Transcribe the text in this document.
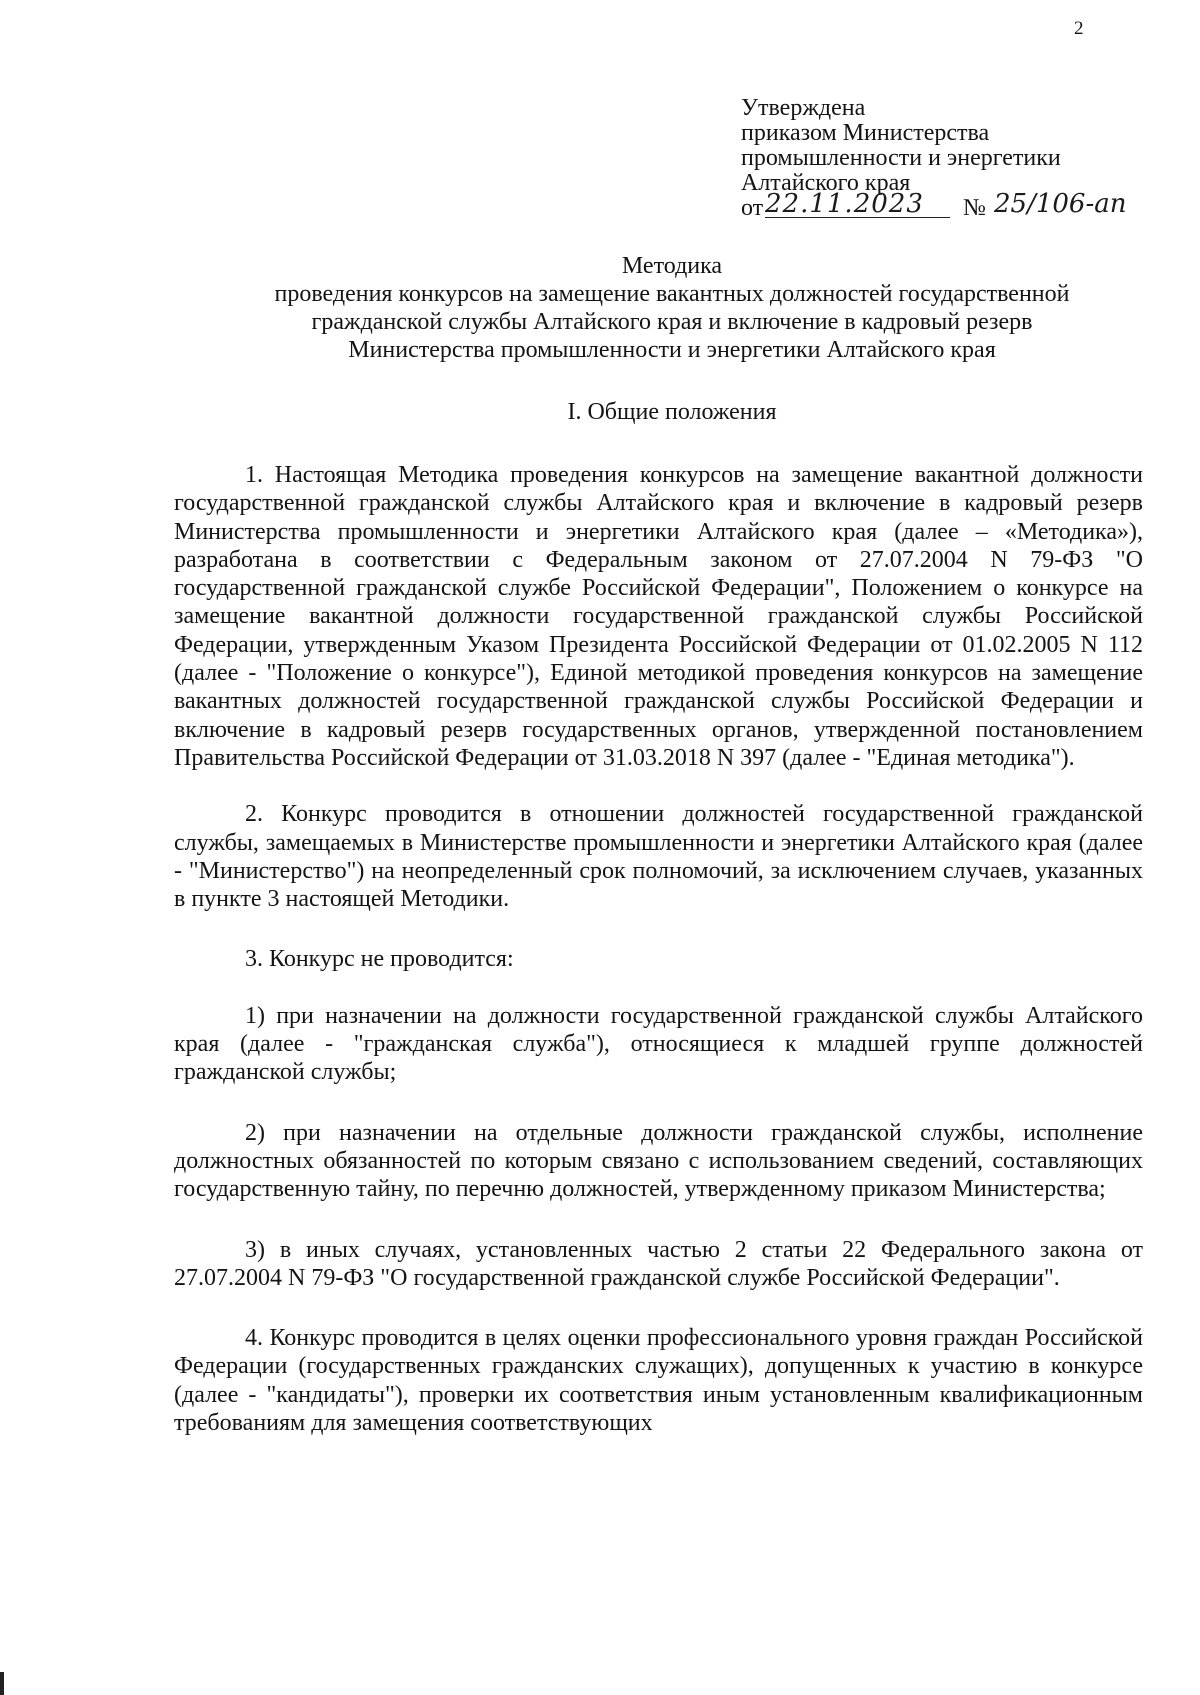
2
Утверждена
приказом Министерства
промышленности и энергетики
Алтайского края
от 22.11.2023	№ 25/106-ап
Методика
проведения конкурсов на замещение вакантных должностей государственной
гражданской службы Алтайского края и включение в кадровый резерв
Министерства промышленности и энергетики Алтайского края
I. Общие положения

1. Настоящая Методика проведения конкурсов на замещение вакантной должности государственной гражданской службы Алтайского края и включение в кадровый резерв Министерства промышленности и энергетики Алтайского края (далее – «Методика»), разработана в соответствии с Федеральным законом от 27.07.2004 N 79-ФЗ "О государственной гражданской службе Российской Федерации", Положением о конкурсе на замещение вакантной должности государственной гражданской службы Российской Федерации, утвержденным Указом Президента Российской Федерации от 01.02.2005 N 112 (далее - "Положение о конкурсе"), Единой методикой проведения конкурсов на замещение вакантных должностей государственной гражданской службы Российской Федерации и включение в кадровый резерв государственных органов, утвержденной постановлением Правительства Российской Федерации от 31.03.2018 N 397 (далее - "Единая методика").

2. Конкурс проводится в отношении должностей государственной гражданской службы, замещаемых в Министерстве промышленности и энергетики Алтайского края (далее - "Министерство") на неопределенный срок полномочий, за исключением случаев, указанных в пункте 3 настоящей Методики.

3. Конкурс не проводится:

1) при назначении на должности государственной гражданской службы Алтайского края (далее - "гражданская служба"), относящиеся к младшей группе должностей гражданской службы;

2) при назначении на отдельные должности гражданской службы, исполнение должностных обязанностей по которым связано с использованием сведений, составляющих государственную тайну, по перечню должностей, утвержденному приказом Министерства;

3) в иных случаях, установленных частью 2 статьи 22 Федерального закона от 27.07.2004 N 79-ФЗ "О государственной гражданской службе Российской Федерации".

4. Конкурс проводится в целях оценки профессионального уровня граждан Российской Федерации (государственных гражданских служащих), допущенных к участию в конкурсе (далее - "кандидаты"), проверки их соответствия иным установленным квалификационным требованиям для замещения соответствующих
